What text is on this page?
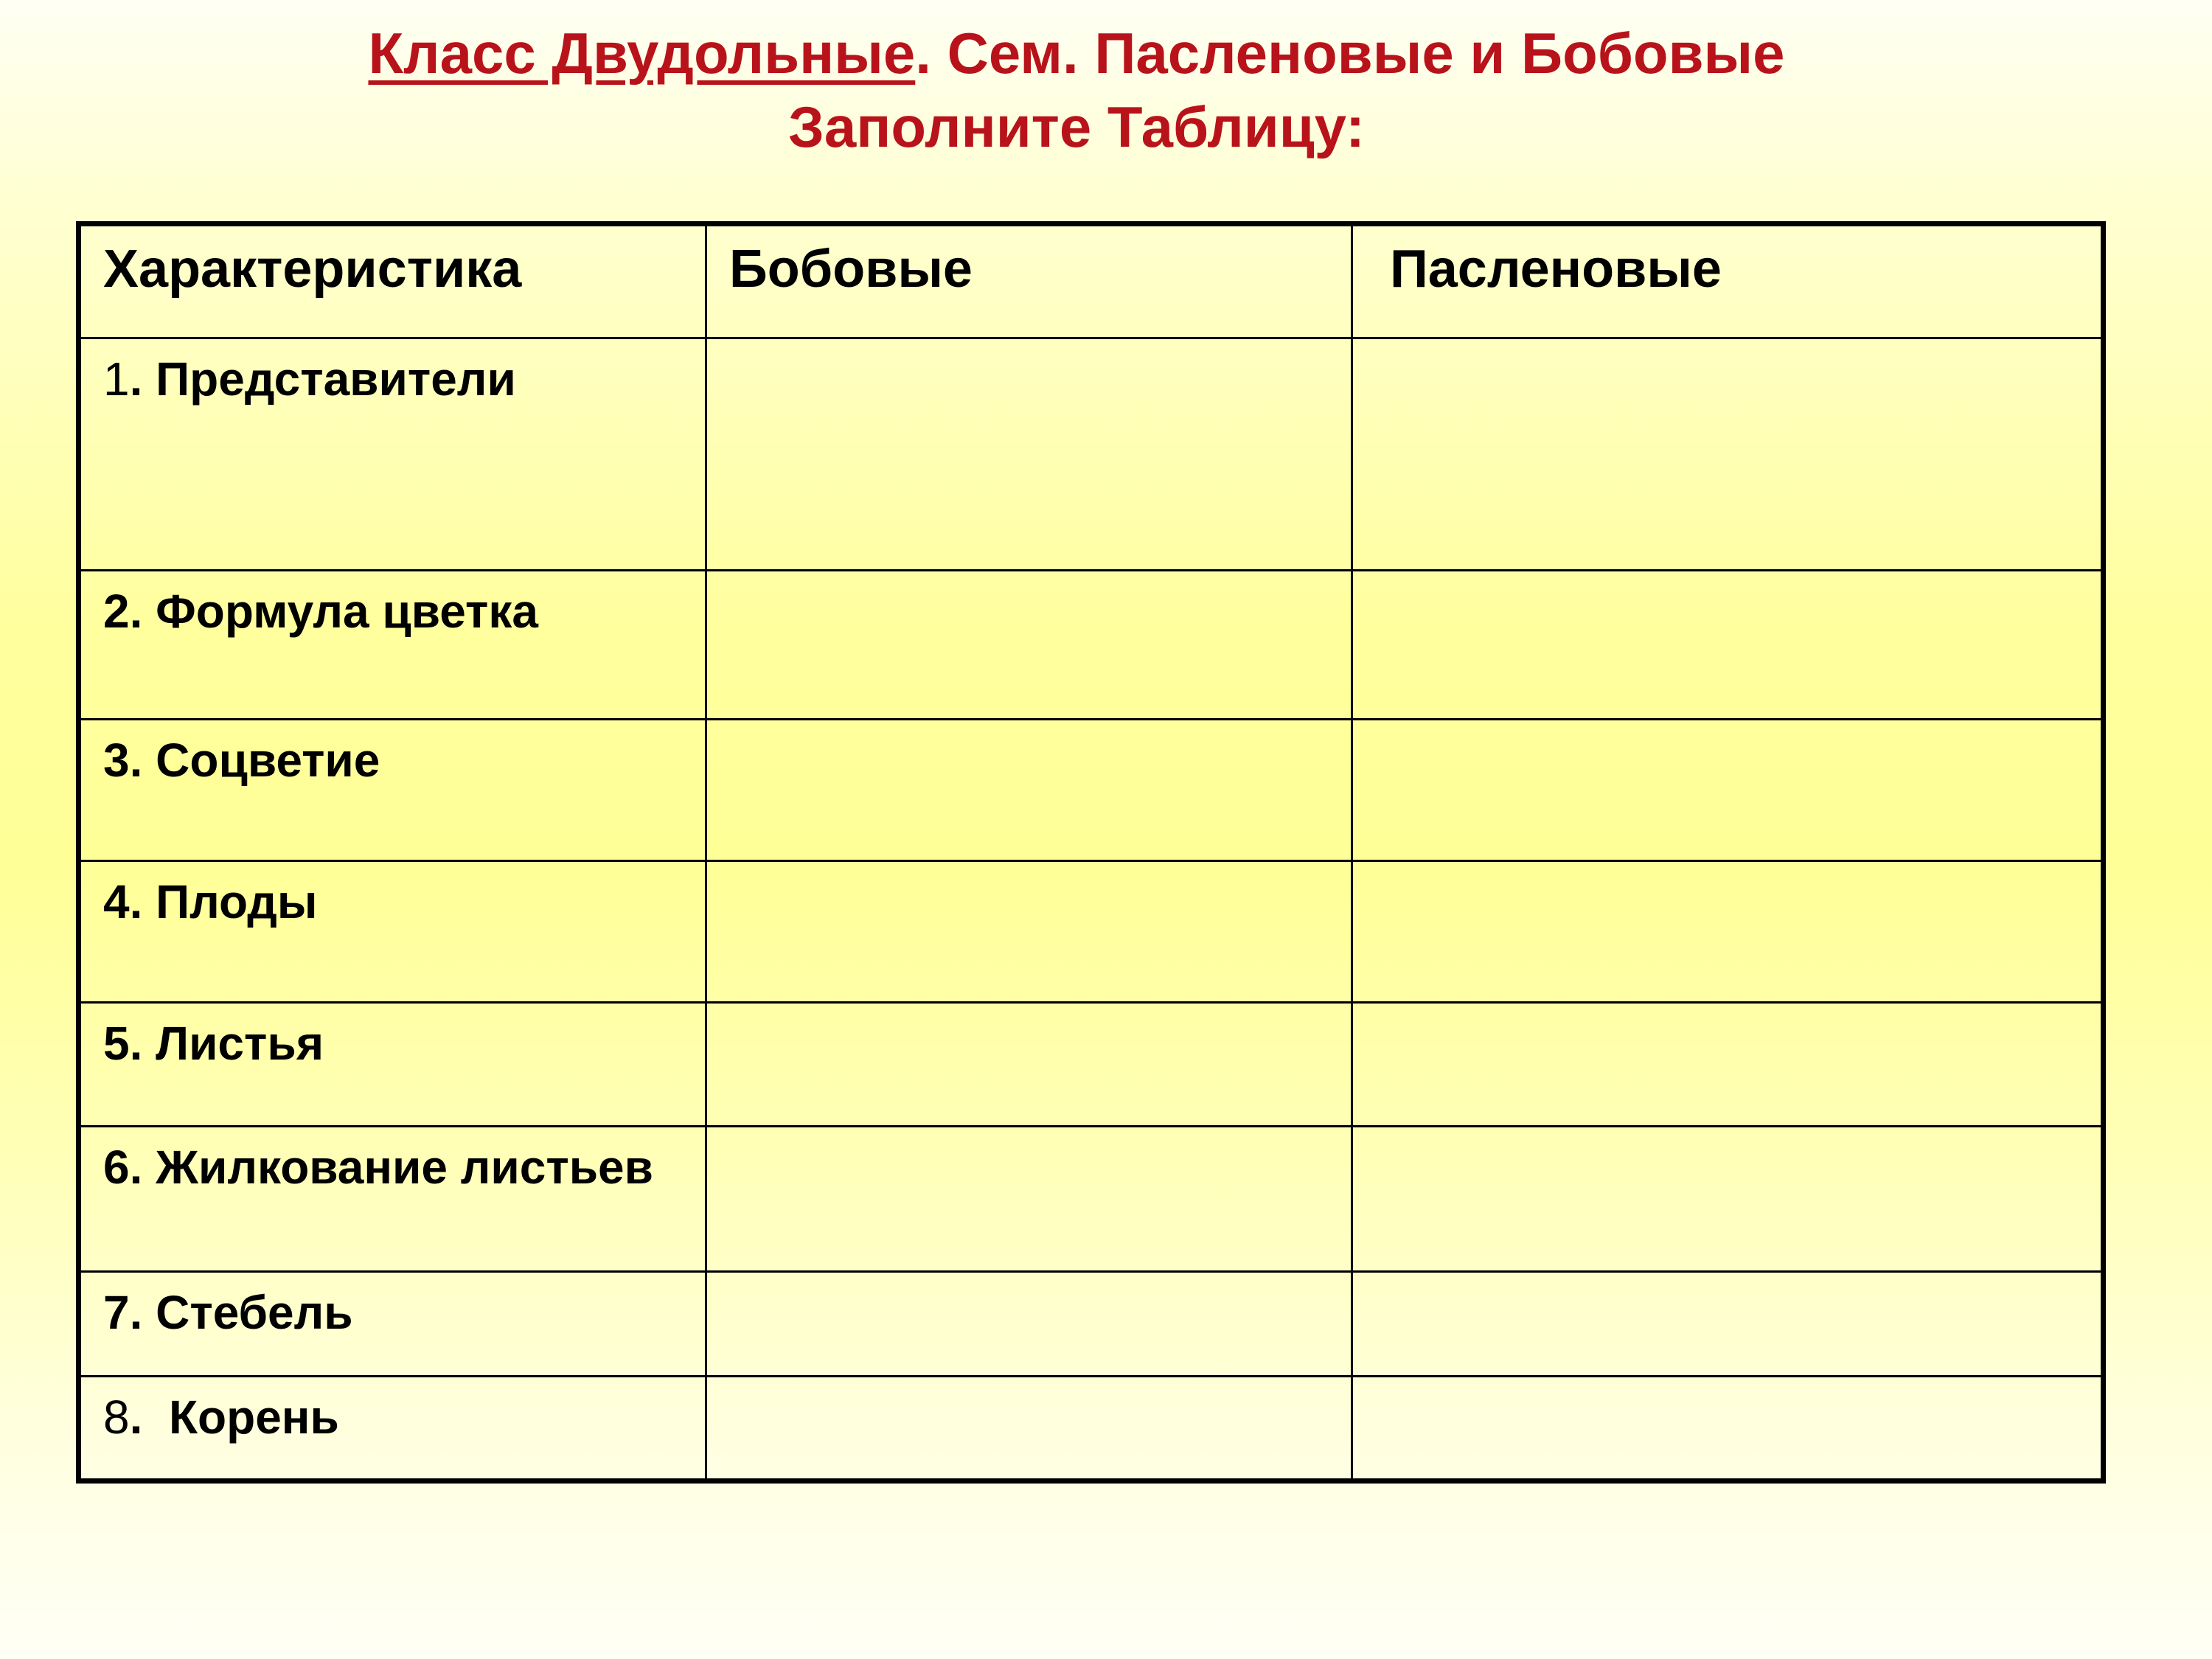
Класс Двудольные. Сем. Пасленовые и Бобовые
Заполните Таблицу:
Характеристика	Бобовые	Пасленовые
1. Представители		
2. Формула цветка		
3. Соцветие		
4. Плоды		
5. Листья		
6. Жилкование листьев		
7. Стебель		
8.  Корень		
